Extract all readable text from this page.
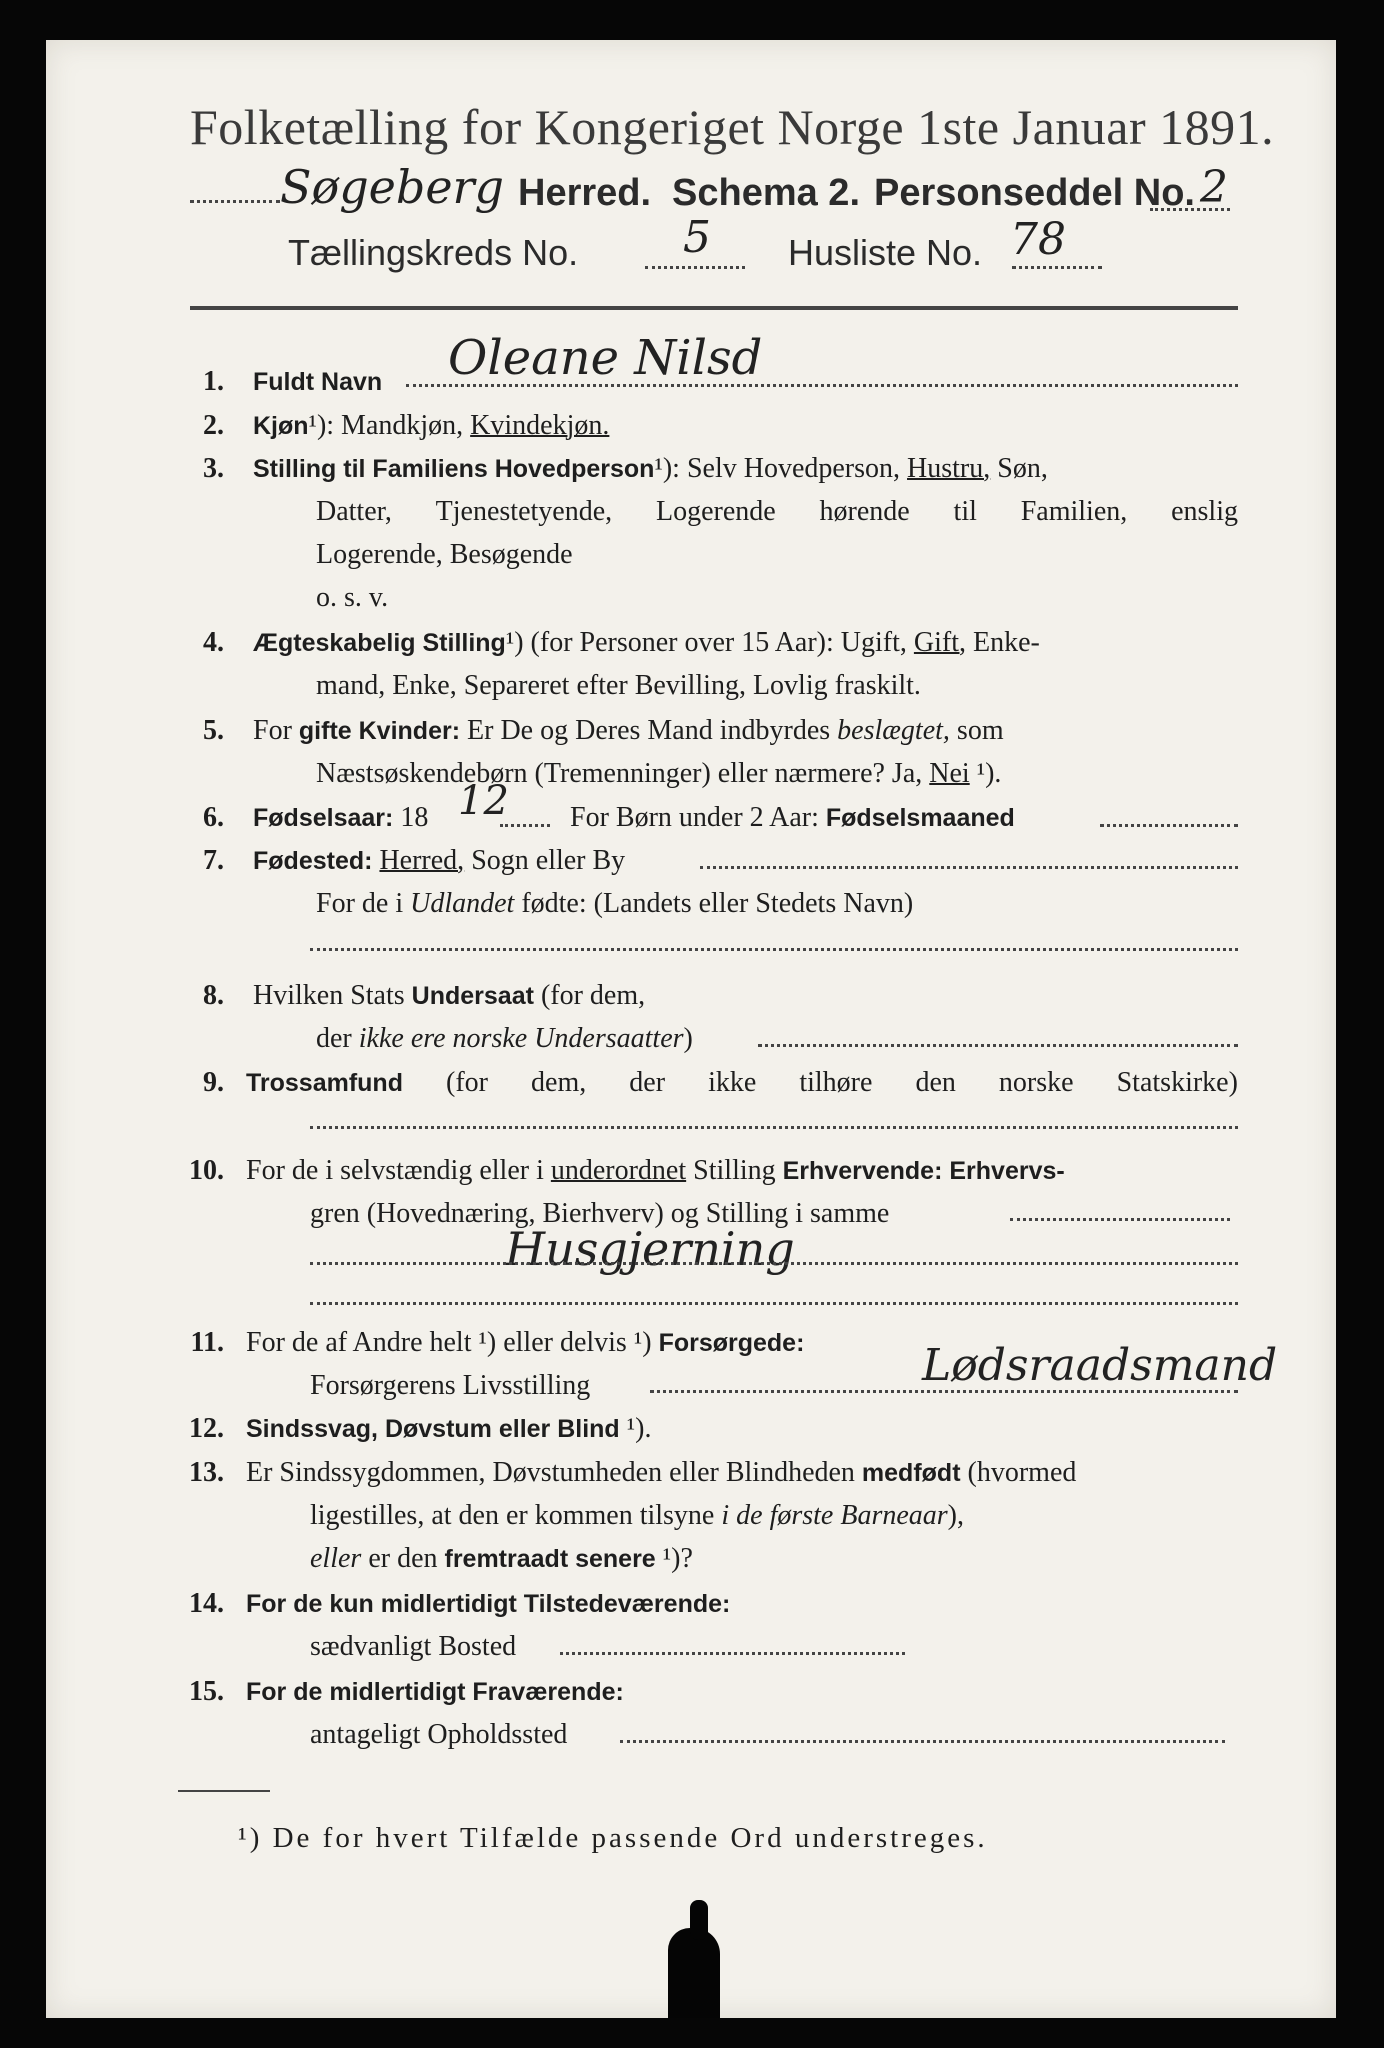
Folketælling for Kongeriget Norge 1ste Januar 1891.
Søgeberg Herred. Schema 2. Personseddel No. 2
Tællingskreds No. 5 Husliste No. 78
1. Fuldt Navn Oleane Nilsd
2. Kjøn¹): Mandkjøn, Kvindekjøn.
3. Stilling til Familiens Hovedperson¹): Selv Hovedperson, Hustru, Søn,
Datter, Tjenestetyende, Logerende hørende til Familien, enslig
Logerende, Besøgende
o. s. v.
4. Ægteskabelig Stilling¹) (for Personer over 15 Aar): Ugift, Gift, Enke-
mand, Enke, Separeret efter Bevilling, Lovlig fraskilt.
5. For gifte Kvinder: Er De og Deres Mand indbyrdes beslægtet, som
Næstsøskendebørn (Tremenninger) eller nærmere? Ja, Nei ¹).
6. Fødselsaar: 18 12 For Børn under 2 Aar: Fødselsmaaned
7. Fødested: Herred, Sogn eller By
For de i Udlandet fødte: (Landets eller Stedets Navn)
8. Hvilken Stats Undersaat (for dem,
der ikke ere norske Undersaatter)
9. Trossamfund (for dem, der ikke tilhøre den norske Statskirke)
10. For de i selvstændig eller i underordnet Stilling Erhvervende: Erhvervs-
gren (Hovednæring, Bierhverv) og Stilling i samme
Husgjerning
11. For de af Andre helt ¹) eller delvis ¹) Forsørgede:
Forsørgerens Livsstilling	Lødsraadsmand
12. Sindssvag, Døvstum eller Blind ¹).
13. Er Sindssygdommen, Døvstumheden eller Blindheden medfødt (hvormed
ligestilles, at den er kommen tilsyne i de første Barneaar),
eller er den fremtraadt senere ¹)?
14. For de kun midlertidigt Tilstedeværende:
sædvanligt Bosted
15. For de midlertidigt Fraværende:
antageligt Opholdssted
¹) De for hvert Tilfælde passende Ord understreges.
